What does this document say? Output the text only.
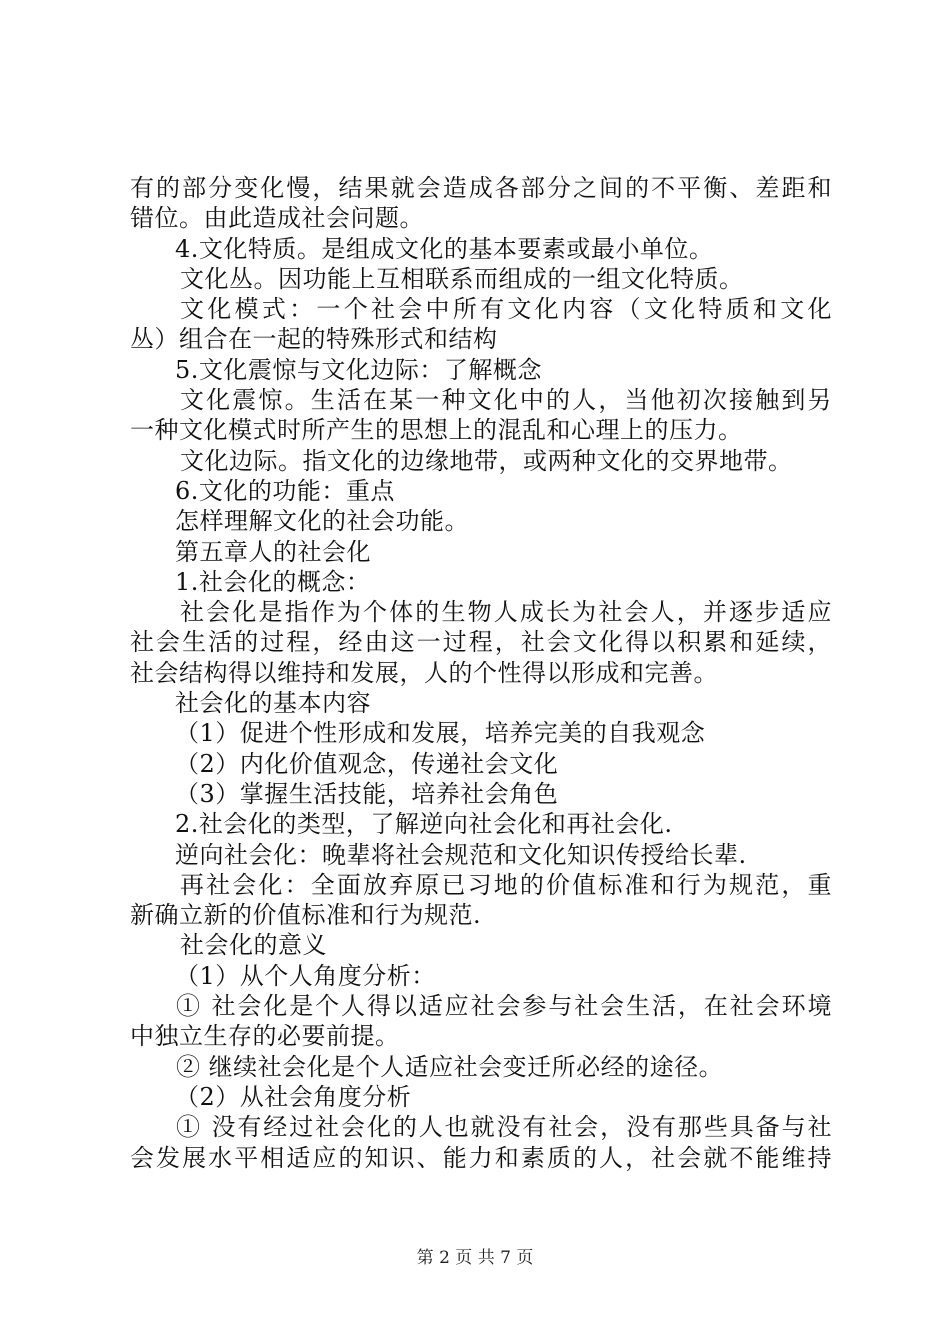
有的部分变化慢，结果就会造成各部分之间的不平衡、差距和
错位。由此造成社会问题。
4.文化特质。是组成文化的基本要素或最小单位。
文化丛。因功能上互相联系而组成的一组文化特质。
文化模式：一个社会中所有文化内容（文化特质和文化
丛）组合在一起的特殊形式和结构
5.文化震惊与文化边际：了解概念
文化震惊。生活在某一种文化中的人，当他初次接触到另
一种文化模式时所产生的思想上的混乱和心理上的压力。
文化边际。指文化的边缘地带，或两种文化的交界地带。
6.文化的功能：重点
怎样理解文化的社会功能。
第五章人的社会化
1.社会化的概念：
社会化是指作为个体的生物人成长为社会人，并逐步适应
社会生活的过程，经由这一过程，社会文化得以积累和延续，
社会结构得以维持和发展，人的个性得以形成和完善。
社会化的基本内容
（1）促进个性形成和发展，培养完美的自我观念
（2）内化价值观念，传递社会文化
（3）掌握生活技能，培养社会角色
2.社会化的类型，了解逆向社会化和再社会化.
逆向社会化：晚辈将社会规范和文化知识传授给长辈.
再社会化：全面放弃原已习地的价值标准和行为规范，重
新确立新的价值标准和行为规范.
社会化的意义
（1）从个人角度分析：
① 社会化是个人得以适应社会参与社会生活，在社会环境
中独立生存的必要前提。
② 继续社会化是个人适应社会变迁所必经的途径。
（2）从社会角度分析
① 没有经过社会化的人也就没有社会，没有那些具备与社
会发展水平相适应的知识、能力和素质的人，社会就不能维持
第 2 页 共 7 页
